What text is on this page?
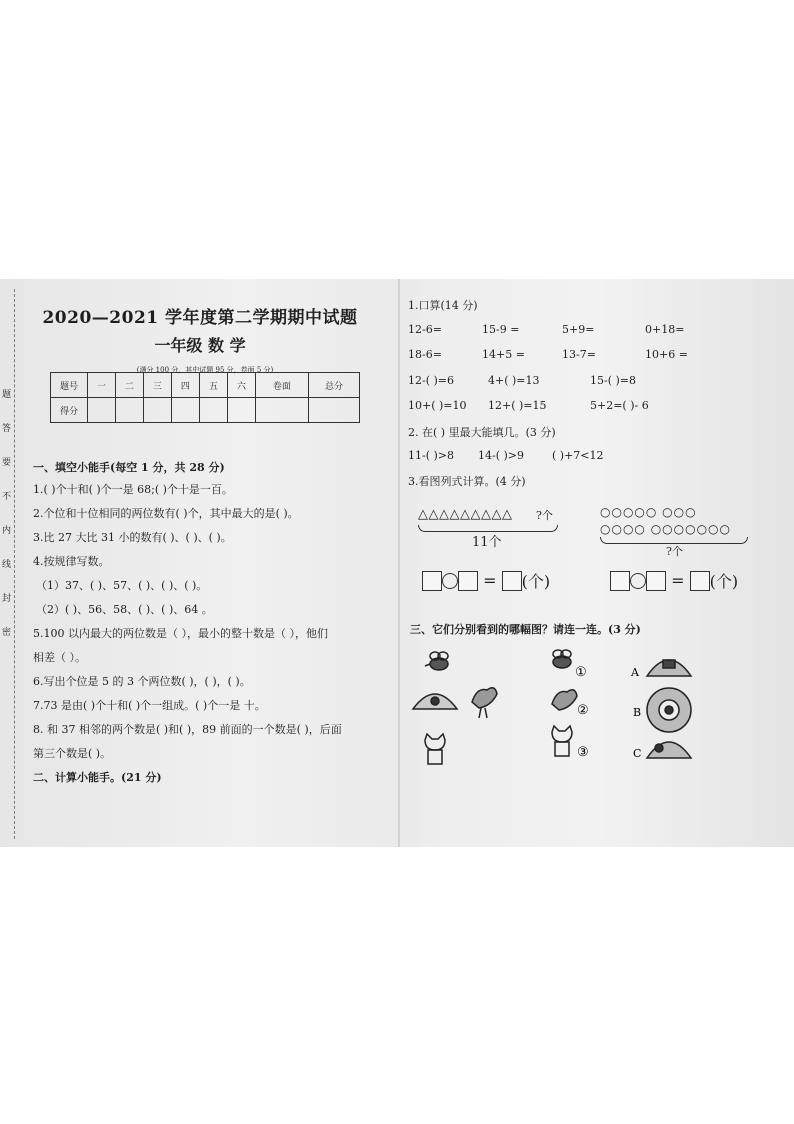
题
答
要
不
内
线
封
密
2020—2021 学年度第二学期期中试题
一年级 数 学
(满分 100 分，其中试题 95 分，卷面 5 分)
题号	一	二	三	四	五	六	卷面	总分
得分								
一、填空小能手(每空 1 分，共 28 分)
1.( )个十和( )个一是 68;( )个十是一百。
2.个位和十位相同的两位数有( )个，其中最大的是( )。
3.比 27 大比 31 小的数有( )、( )、( )。
4.按规律写数。
（1）37、( )、57、( )、( )、( )。
（2）( )、56、58、( )、( )、64 。
5.100 以内最大的两位数是（ ），最小的整十数是（ ），他们
相差（ ）。
6.写出个位是 5 的 3 个两位数( )，( )，( )。
7.73 是由( )个十和( )个一组成。( )个一是 十。
8. 和 37 相邻的两个数是( )和( )，89 前面的一个数是( )，后面
第三个数是( )。
二、计算小能手。(21 分)
1.口算(14 分)
12-6=	15-9 =	5+9=	0+18=
18-6=	14+5 =	13-7=	10+6 =
12-( )=6	4+( )=13	15-( )=8
10+( )=10 12+( )=15	5+2=( )- 6
2. 在( ) 里最大能填几。(3 分)
11-( )>8 14-( )>9	( )+7<12
3.看图列式计算。(4 分)
△△△△△△△△△ ?个
11个
○○○○○ ○○○
○○○○ ○○○○○○○
?个
= (个)	= (个)
三、它们分别看到的哪幅图？请连一连。(3 分)
①
②
③
A
B
C
